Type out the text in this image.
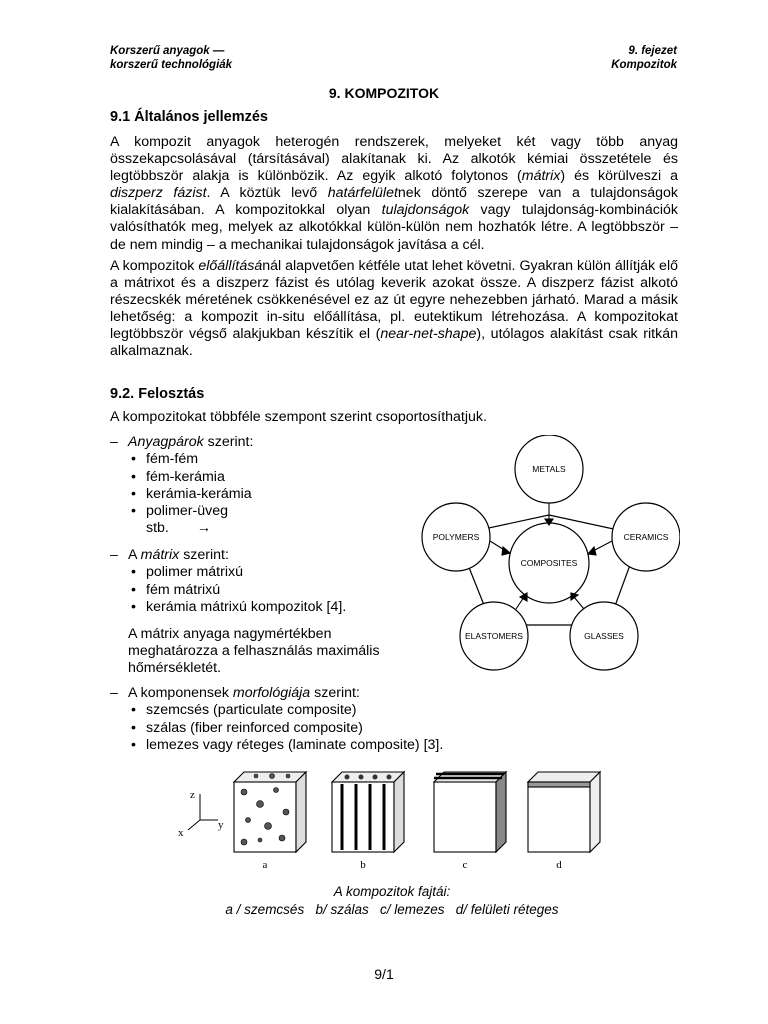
Korszerű anyagok —
korszerű technológiák
9. fejezet
Kompozitok
9. KOMPOZITOK
9.1 Általános jellemzés
A kompozit anyagok heterogén rendszerek, melyeket két vagy több anyag összekapcsolásával (társításával) alakítanak ki. Az alkotók kémiai összetétele és legtöbbször alakja is különbözik. Az egyik alkotó folytonos (mátrix) és körülveszi a diszperz fázist. A köztük levő határfelületnek döntő szerepe van a tulajdonságok kialakításában. A kompozitokkal olyan tulajdonságok vagy tulajdonság-kombinációk valósíthatók meg, melyek az alkotókkal külön-külön nem hozhatók létre. A legtöbbször – de nem mindig – a mechanikai tulajdonságok javítása a cél.
A kompozitok előállításánál alapvetően kétféle utat lehet követni. Gyakran külön állítják elő a mátrixot és a diszperz fázist és utólag keverik azokat össze. A diszperz fázist alkotó részecskék méretének csökkenésével ez az út egyre nehezebben járható. Marad a másik lehetőség: a kompozit in-situ előállítása, pl. eutektikum létrehozása. A kompozitokat legtöbbször végső alakjukban készítik el (near-net-shape), utólagos alakítást csak ritkán alkalmaznak.
9.2. Felosztás
A kompozitokat többféle szempont szerint csoportosíthatjuk.
– Anyagpárok szerint:
• fém-fém
• fém-kerámia
• kerámia-kerámia
• polimer-üveg
stb. →
– A mátrix szerint:
• polimer mátrixú
• fém mátrixú
• kerámia mátrixú kompozitok [4].
A mátrix anyaga nagymértékben meghatározza a felhasználás maximális hőmérsékletét.
– A komponensek morfológiája szerint:
• szemcsés (particulate composite)
• szálas (fiber reinforced composite)
• lemezes vagy réteges (laminate composite) [3].
COMPOSITES
METALS
CERAMICS
GLASSES
ELASTOMERS
POLYMERS
z
y
x
a	b	c	d
A kompozitok fajtái:
a / szemcsés   b/ szálas   c/ lemezes   d/ felületi réteges
9/1
